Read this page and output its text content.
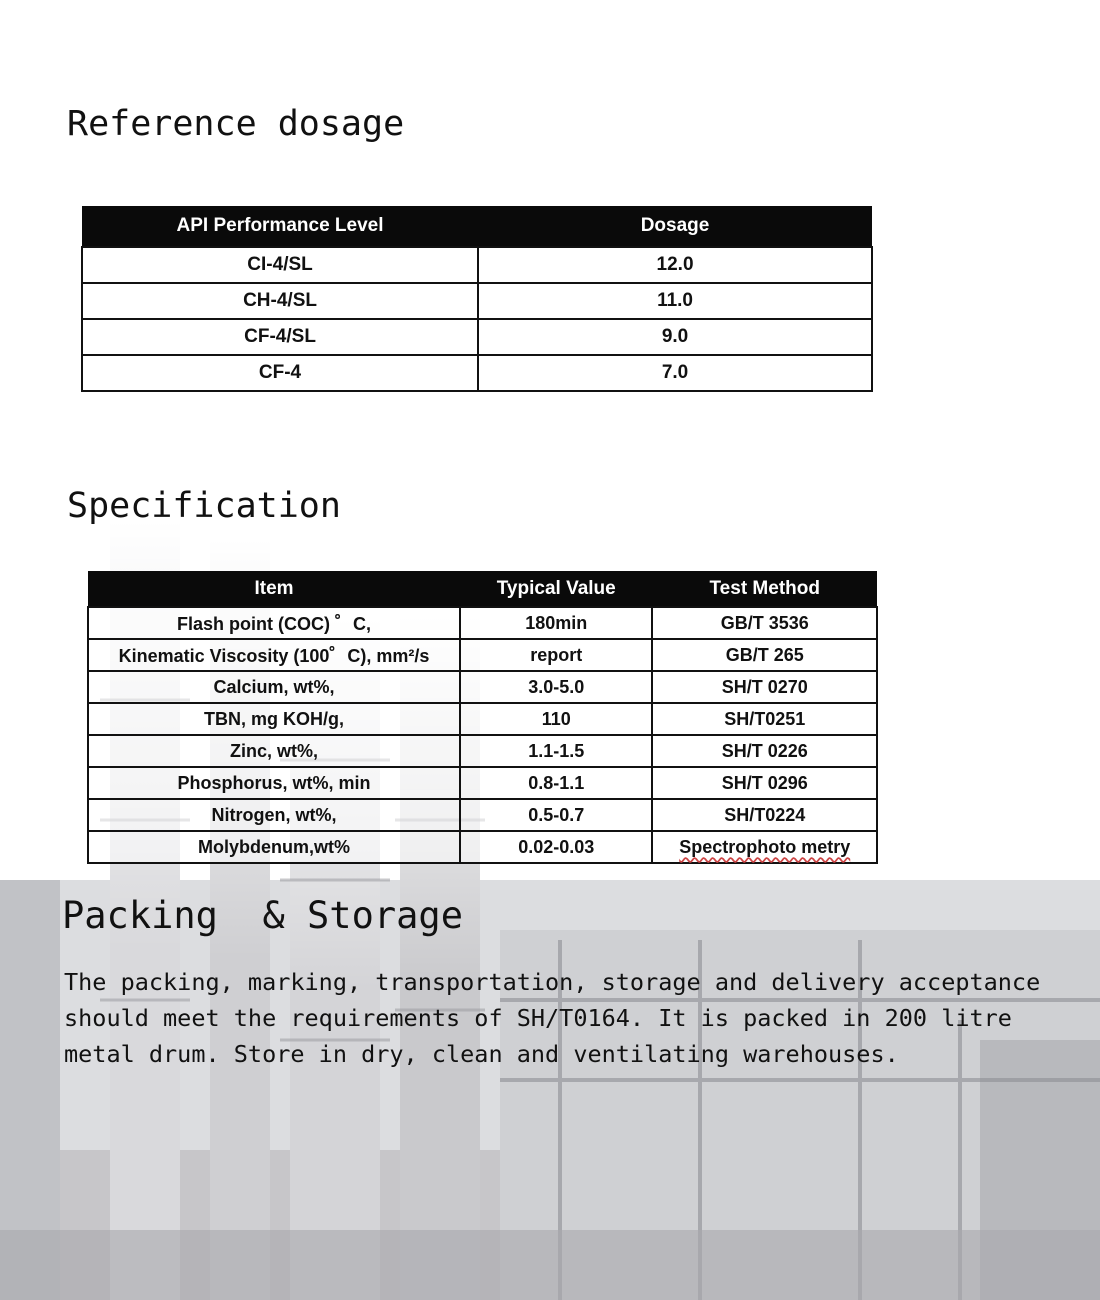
Reference dosage
API Performance Level	Dosage
CI-4/SL	12.0
CH-4/SL	11.0
CF-4/SL	9.0
CF-4	7.0
Specification
Item	Typical Value	Test Method
Flash point (COC) ゜C,	180min	GB/T 3536
Kinematic Viscosity (100゜C), mm²/s	report	GB/T 265
Calcium, wt%,	3.0-5.0	SH/T 0270
TBN, mg KOH/g,	110	SH/T0251
Zinc, wt%,	1.1-1.5	SH/T 0226
Phosphorus, wt%, min	0.8-1.1	SH/T 0296
Nitrogen, wt%,	0.5-0.7	SH/T0224
Molybdenum,wt%	0.02-0.03	Spectrophoto metry
Packing  & Storage

The packing, marking, transportation, storage and delivery acceptance should meet the requirements of SH/T0164. It is packed in 200 litre metal drum. Store in dry, clean and ventilating warehouses.
